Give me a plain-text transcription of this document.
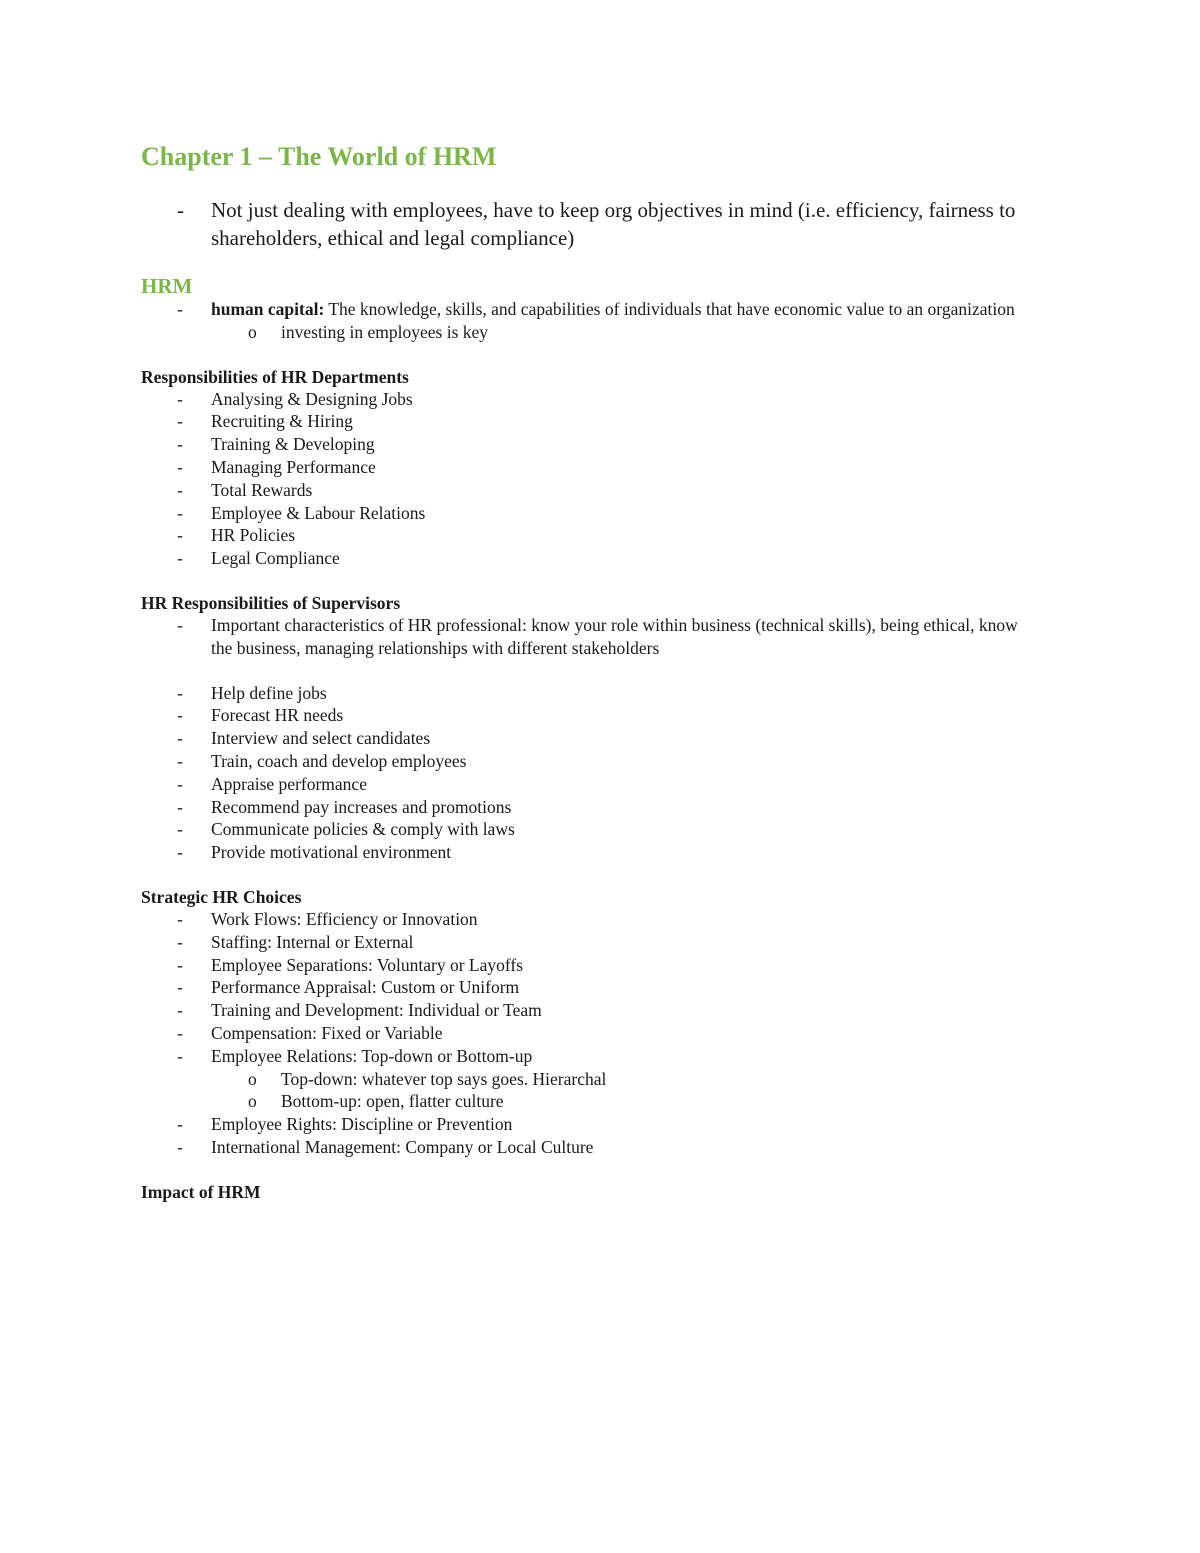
Chapter 1 – The World of HRM
- Not just dealing with employees, have to keep org objectives in mind (i.e. efficiency, fairness to shareholders, ethical and legal compliance)
HRM
- human capital: The knowledge, skills, and capabilities of individuals that have economic value to an organization
o investing in employees is key
Responsibilities of HR Departments
- Analysing & Designing Jobs
- Recruiting & Hiring
- Training & Developing
- Managing Performance
- Total Rewards
- Employee & Labour Relations
- HR Policies
- Legal Compliance
HR Responsibilities of Supervisors
- Important characteristics of HR professional: know your role within business (technical skills), being ethical, know the business, managing relationships with different stakeholders
- Help define jobs
- Forecast HR needs
- Interview and select candidates
- Train, coach and develop employees
- Appraise performance
- Recommend pay increases and promotions
- Communicate policies & comply with laws
- Provide motivational environment
Strategic HR Choices
- Work Flows: Efficiency or Innovation
- Staffing: Internal or External
- Employee Separations: Voluntary or Layoffs
- Performance Appraisal: Custom or Uniform
- Training and Development: Individual or Team
- Compensation: Fixed or Variable
- Employee Relations: Top-down or Bottom-up
o Top-down: whatever top says goes. Hierarchal
o Bottom-up: open, flatter culture
- Employee Rights: Discipline or Prevention
- International Management: Company or Local Culture
Impact of HRM
